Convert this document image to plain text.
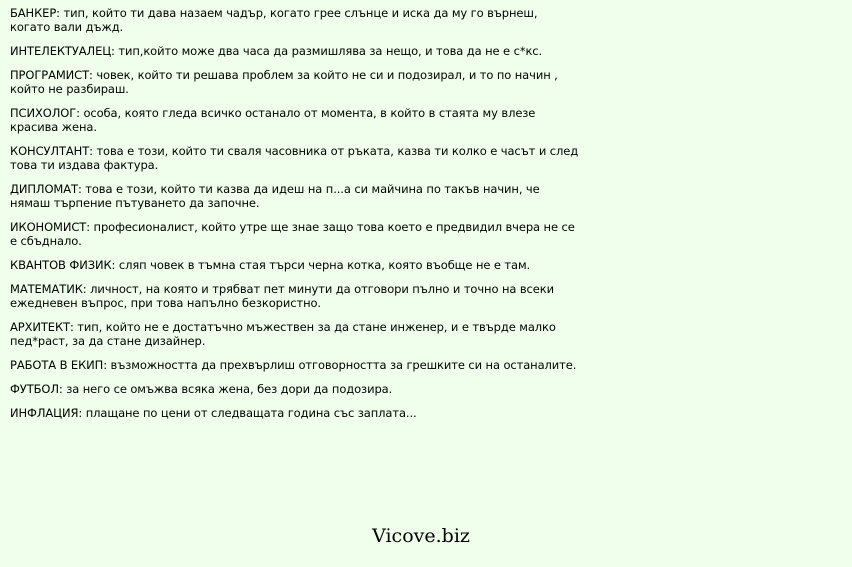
БАНКЕР: тип, който ти дава назаем чадър, когато грее слънце и иска да му го върнеш, когато вали дъжд.
ИНТЕЛЕКТУАЛЕЦ: тип,който може два часа да размишлява за нещо, и това да не е с*кс.
ПРОГРАМИСТ: човек, който ти решава проблем за който не си и подозирал, и то по начин , който не разбираш.
ПСИХОЛОГ: особа, която гледа всичко останало от момента, в който в стаята му влезе красива жена.
КОНСУЛТАНТ: това е този, който ти сваля часовника от ръката, казва ти колко е часът и след това ти издава фактура.
ДИПЛОМАТ: това е този, който ти казва да идеш на п...а си майчина по такъв начин, че нямаш търпение пътуването да започне.
ИКОНОМИСТ: професионалист, който утре ще знае защо това което е предвидил вчера не се е сбъднало.
КВАНТОВ ФИЗИК: сляп човек в тъмна стая търси черна котка, която въобще не е там.
МАТЕМАТИК: личност, на която и трябват пет минути да отговори пълно и точно на всеки ежедневен въпрос, при това напълно безкористно.
АРХИТЕКТ: тип, който не е достатъчно мъжествен за да стане инженер, и е твърде малко пед*раст, за да стане дизайнер.
РАБОТА В ЕКИП: възможността да прехвърлиш отговорността за грешките си на останалите.
ФУТБОЛ: за него се омъжва всяка жена, без дори да подозира.
ИНФЛАЦИЯ: плащане по цени от следващата година със заплата...
Vicove.biz
